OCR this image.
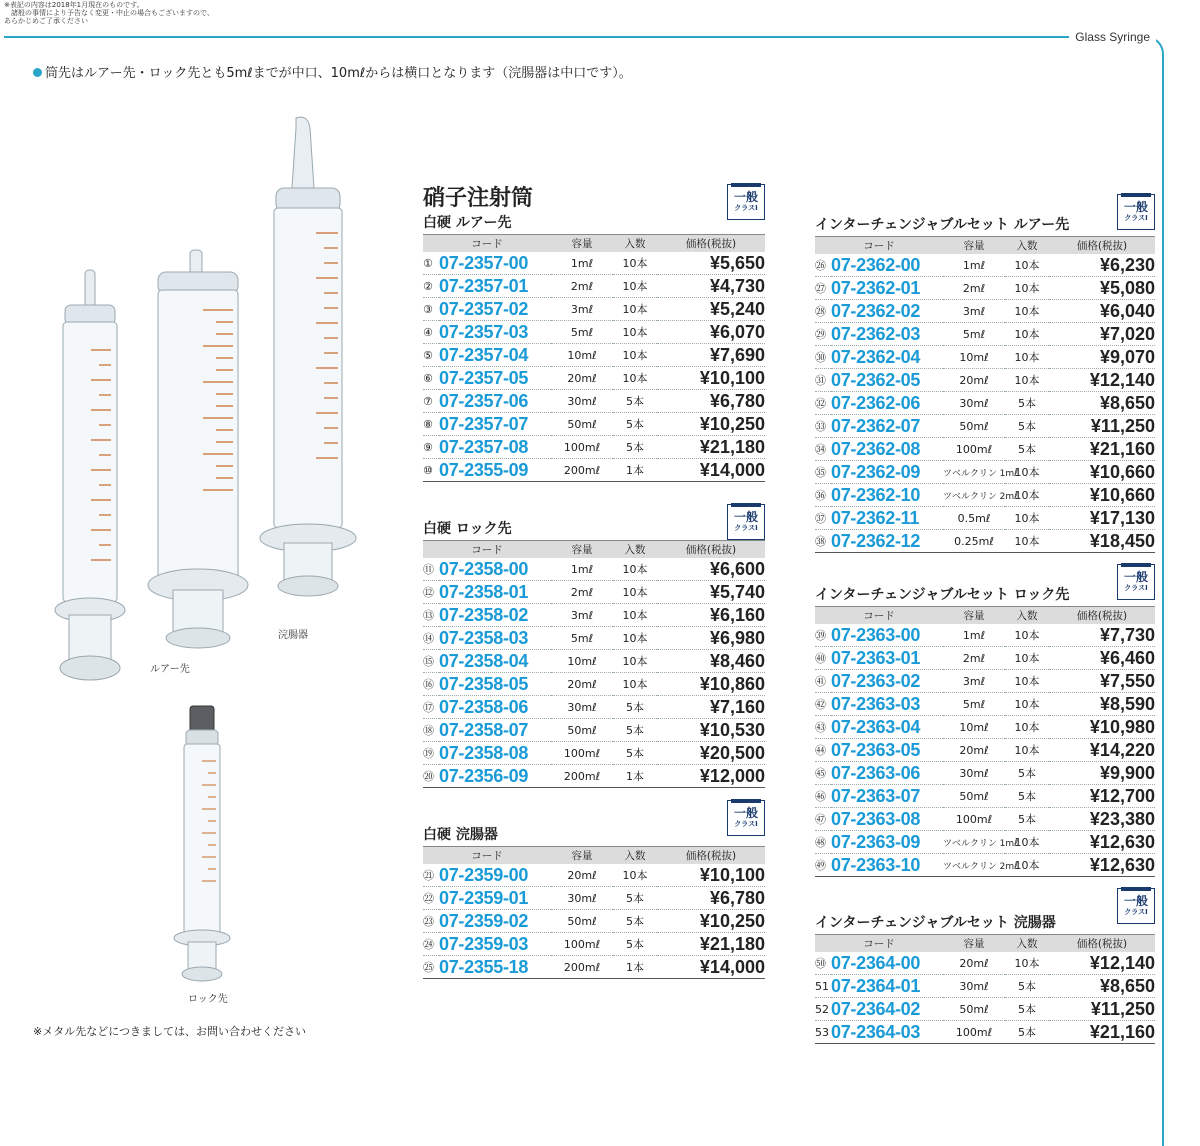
※表記の内容は2018年1月現在のものです。
　諸般の事情により予告なく変更・中止の場合もございますので、
あらかじめご了承ください
Glass Syringe
筒先はルアー先・ロック先とも5mℓまでが中口、10mℓからは横口となります（浣腸器は中口です）。
ルアー先
浣腸器
ロック先
※メタル先などにつきましては、お問い合わせください
硝子注射筒
白硬 ルアー先
一般
クラスⅠ
コード		容量	入数	価格(税抜)
①	07-2357-00	1mℓ	10本	¥5,650
②	07-2357-01	2mℓ	10本	¥4,730
③	07-2357-02	3mℓ	10本	¥5,240
④	07-2357-03	5mℓ	10本	¥6,070
⑤	07-2357-04	10mℓ	10本	¥7,690
⑥	07-2357-05	20mℓ	10本	¥10,100
⑦	07-2357-06	30mℓ	5本	¥6,780
⑧	07-2357-07	50mℓ	5本	¥10,250
⑨	07-2357-08	100mℓ	5本	¥21,180
⑩	07-2355-09	200mℓ	1本	¥14,000
白硬 ロック先
一般
クラスⅠ
コード		容量	入数	価格(税抜)
⑪	07-2358-00	1mℓ	10本	¥6,600
⑫	07-2358-01	2mℓ	10本	¥5,740
⑬	07-2358-02	3mℓ	10本	¥6,160
⑭	07-2358-03	5mℓ	10本	¥6,980
⑮	07-2358-04	10mℓ	10本	¥8,460
⑯	07-2358-05	20mℓ	10本	¥10,860
⑰	07-2358-06	30mℓ	5本	¥7,160
⑱	07-2358-07	50mℓ	5本	¥10,530
⑲	07-2358-08	100mℓ	5本	¥20,500
⑳	07-2356-09	200mℓ	1本	¥12,000
白硬 浣腸器
一般
クラスⅠ
コード		容量	入数	価格(税抜)
㉑	07-2359-00	20mℓ	10本	¥10,100
㉒	07-2359-01	30mℓ	5本	¥6,780
㉓	07-2359-02	50mℓ	5本	¥10,250
㉔	07-2359-03	100mℓ	5本	¥21,180
㉕	07-2355-18	200mℓ	1本	¥14,000
インターチェンジャブルセット ルアー先
一般
クラスⅠ
コード		容量	入数	価格(税抜)
㉖	07-2362-00	1mℓ	10本	¥6,230
㉗	07-2362-01	2mℓ	10本	¥5,080
㉘	07-2362-02	3mℓ	10本	¥6,040
㉙	07-2362-03	5mℓ	10本	¥7,020
㉚	07-2362-04	10mℓ	10本	¥9,070
㉛	07-2362-05	20mℓ	10本	¥12,140
㉜	07-2362-06	30mℓ	5本	¥8,650
㉝	07-2362-07	50mℓ	5本	¥11,250
㉞	07-2362-08	100mℓ	5本	¥21,160
㉟	07-2362-09	ツベルクリン 1mℓ	10本	¥10,660
㊱	07-2362-10	ツベルクリン 2mℓ	10本	¥10,660
㊲	07-2362-11	0.5mℓ	10本	¥17,130
㊳	07-2362-12	0.25mℓ	10本	¥18,450
インターチェンジャブルセット ロック先
一般
クラスⅠ
コード		容量	入数	価格(税抜)
㊴	07-2363-00	1mℓ	10本	¥7,730
㊵	07-2363-01	2mℓ	10本	¥6,460
㊶	07-2363-02	3mℓ	10本	¥7,550
㊷	07-2363-03	5mℓ	10本	¥8,590
㊸	07-2363-04	10mℓ	10本	¥10,980
㊹	07-2363-05	20mℓ	10本	¥14,220
㊺	07-2363-06	30mℓ	5本	¥9,900
㊻	07-2363-07	50mℓ	5本	¥12,700
㊼	07-2363-08	100mℓ	5本	¥23,380
㊽	07-2363-09	ツベルクリン 1mℓ	10本	¥12,630
㊾	07-2363-10	ツベルクリン 2mℓ	10本	¥12,630
インターチェンジャブルセット 浣腸器
一般
クラスⅠ
コード		容量	入数	価格(税抜)
㊿	07-2364-00	20mℓ	10本	¥12,140
51	07-2364-01	30mℓ	5本	¥8,650
52	07-2364-02	50mℓ	5本	¥11,250
53	07-2364-03	100mℓ	5本	¥21,160
